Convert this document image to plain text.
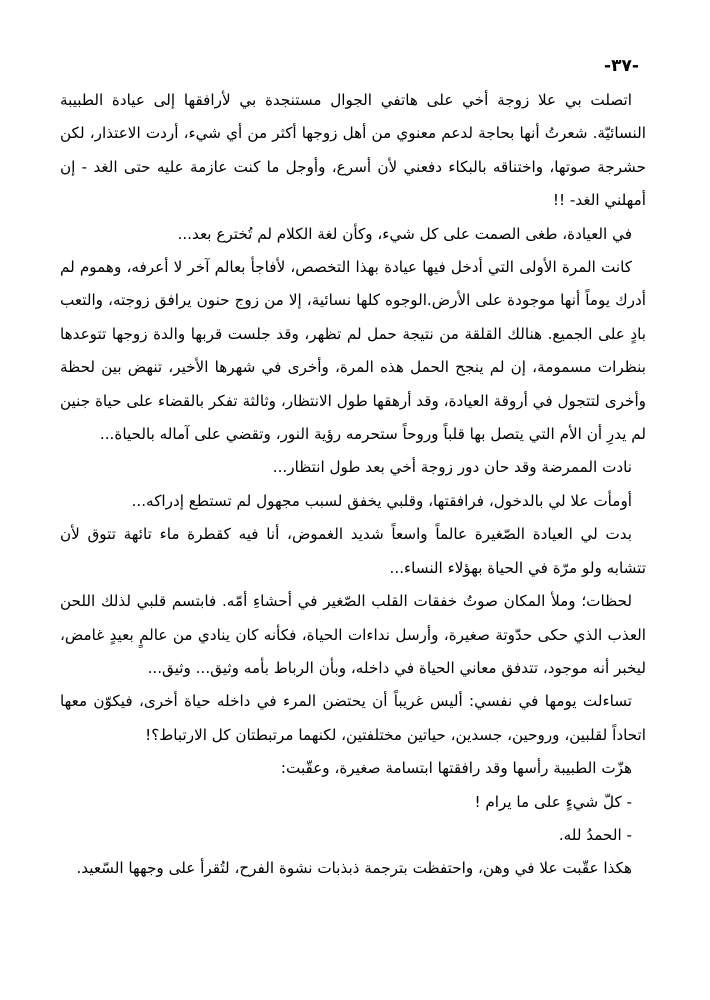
-٣٧-

اتصلت بي علا زوجة أخي على هاتفي الجوال مستنجدة بي لأرافقها إلى عيادة الطبيبة النسائيّة. شعرتُ أنها بحاجة لدعم معنوي من أهل زوجها أكثر من أي شيء، أردت الاعتذار، لكن حشرجة صوتها، واختناقه بالبكاء دفعني لأن أسرع، وأوجل ما كنت عازمة عليه حتى الغد - إن أمهلني الغد- !!

في العيادة، طغى الصمت على كل شيء، وكأن لغة الكلام لم تُخترع بعد...

كانت المرة الأولى التي أدخل فيها عيادة بهذا التخصص، لأفاجأ بعالم آخر لا أعرفه، وهموم لم أدرك يوماً أنها موجودة على الأرض.الوجوه كلها نسائية، إلا من زوج حنون يرافق زوجته، والتعب بادٍ على الجميع. هنالك القلقة من نتيجة حمل لم تظهر، وقد جلست قربها والدة زوجها تتوعدها بنظرات مسمومة، إن لم ينجح الحمل هذه المرة، وأخرى في شهرها الأخير، تنهض بين لحظة وأخرى لتتجول في أروقة العيادة، وقد أرهقها طول الانتظار، وثالثة تفكر بالقضاء على حياة جنين لم يدرِ أن الأم التي يتصل بها قلباً وروحاً ستحرمه رؤية النور، وتقضي على آماله بالحياة...

نادت الممرضة وقد حان دور زوجة أخي بعد طول انتظار...

أومأت علا لي بالدخول، فرافقتها، وقلبي يخفق لسبب مجهول لم تستطع إدراكه...

بدت لي العيادة الصّغيرة عالماً واسعاً شديد الغموض، أنا فيه كقطرة ماء تائهة تتوق لأن تتشابه ولو مرّة في الحياة بهؤلاء النساء...

لحظات؛ وملأ المكان صوتُ خفقات القلب الصّغير في أحشاءِ أمّه. فابتسم قلبي لذلك اللحن العذب الذي حكى حدّوتة صغيرة، وأرسل نداءات الحياة، فكأنه كان ينادي من عالمٍ بعيدٍ غامض، ليخبر أنه موجود، تتدفق معاني الحياة في داخله، وبأن الرباط بأمه وثيق... وثيق...

تساءلت يومها في نفسي: أليس غريباً أن يحتضن المرء في داخله حياة أخرى، فيكوّن معها اتحاداً لقلبين، وروحين، جسدين، حياتين مختلفتين، لكنهما مرتبطتان كل الارتباط؟!

هزّت الطبيبة رأسها وقد رافقتها ابتسامة صغيرة، وعقّبت:

- كلّ شيءٍ على ما يرام !

- الحمدُ لله.

هكذا عقّبت علا في وهن، واحتفظت بترجمة ذبذبات نشوة الفرح، لتُقرأ على وجهها السّعيد.
